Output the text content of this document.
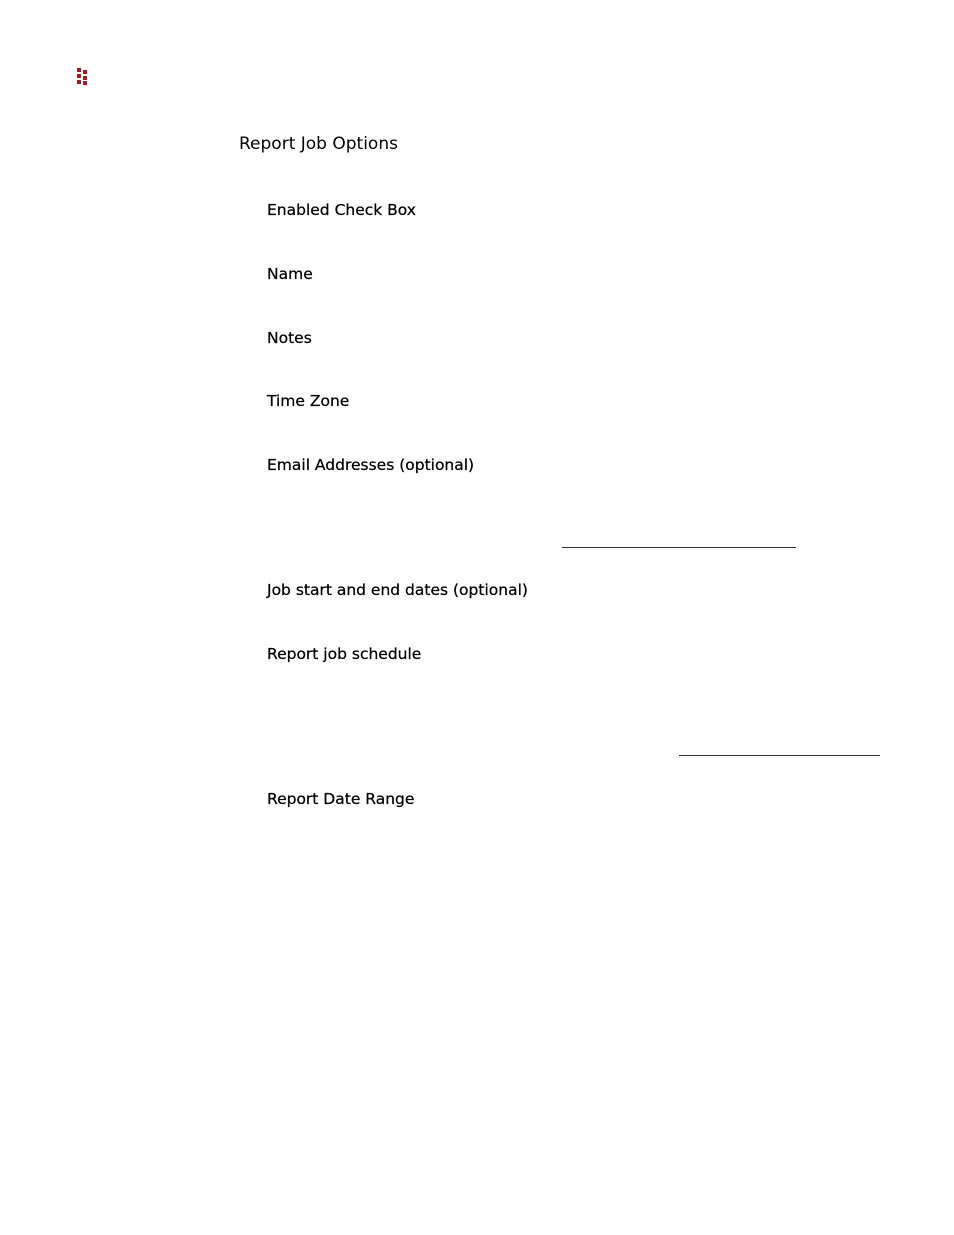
Report Job Options
Enabled Check Box
Name
Notes
Time Zone
Email Addresses (optional)
Job start and end dates (optional)
Report job schedule
Report Date Range
